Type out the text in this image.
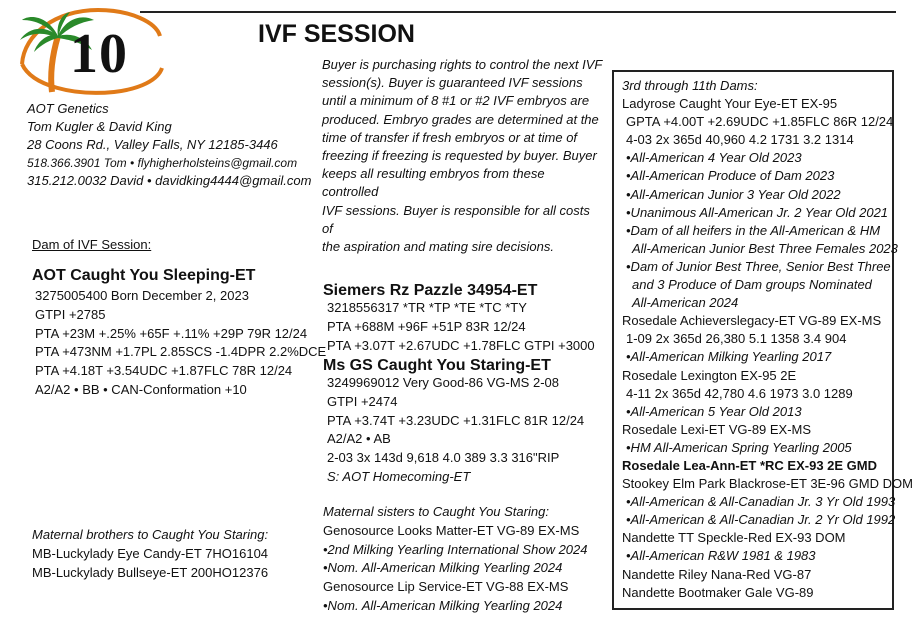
10	IVF SESSION
AOT Genetics
Tom Kugler & David King
28 Coons Rd., Valley Falls, NY 12185-3446
518.366.3901 Tom • flyhigherholsteins@gmail.com
315.212.0032 David • davidking4444@gmail.com
Buyer is purchasing rights to control the next IVF
session(s). Buyer is guaranteed IVF sessions
until a minimum of 8 #1 or #2 IVF embryos are
produced. Embryo grades are determined at the
time of transfer if fresh embryos or at time of
freezing if freezing is requested by buyer. Buyer
keeps all resulting embryos from these controlled
IVF sessions. Buyer is responsible for all costs of
the aspiration and mating sire decisions.
Dam of IVF Session:
AOT Caught You Sleeping-ET
3275005400 Born December 2, 2023
GTPI +2785
PTA +23M +.25% +65F +.11% +29P 79R 12/24
PTA +473NM +1.7PL 2.85SCS -1.4DPR 2.2%DCE
PTA +4.18T +3.54UDC +1.87FLC 78R 12/24
A2/A2 • BB • CAN-Conformation +10
Siemers Rz Pazzle 34954-ET
3218556317 *TR *TP *TE *TC *TY
PTA +688M +96F +51P 83R 12/24
PTA +3.07T +2.67UDC +1.78FLC GTPI +3000
Ms GS Caught You Staring-ET
3249969012 Very Good-86 VG-MS 2-08
GTPI +2474
PTA +3.74T +3.23UDC +1.31FLC 81R 12/24
A2/A2 • AB
2-03 3x 143d 9,618 4.0 389 3.3 316"RIP
S: AOT Homecoming-ET
Maternal sisters to Caught You Staring:
Genosource Looks Matter-ET VG-89 EX-MS
•2nd Milking Yearling International Show 2024
•Nom. All-American Milking Yearling 2024
Genosource Lip Service-ET VG-88 EX-MS
•Nom. All-American Milking Yearling 2024
Maternal brothers to Caught You Staring:
MB-Luckylady Eye Candy-ET 7HO16104
MB-Luckylady Bullseye-ET 200HO12376
3rd through 11th Dams:
Ladyrose Caught Your Eye-ET EX-95
GPTA +4.00T +2.69UDC +1.85FLC 86R 12/24
4-03 2x 365d 40,960 4.2 1731 3.2 1314
•All-American 4 Year Old 2023
•All-American Produce of Dam 2023
•All-American Junior 3 Year Old 2022
•Unanimous All-American Jr. 2 Year Old 2021
•Dam of all heifers in the All-American & HM
All-American Junior Best Three Females 2023
•Dam of Junior Best Three, Senior Best Three
and 3 Produce of Dam groups Nominated
All-American 2024
Rosedale Achieverslegacy-ET VG-89 EX-MS
1-09 2x 365d 26,380 5.1 1358 3.4 904
•All-American Milking Yearling 2017
Rosedale Lexington EX-95 2E
4-11 2x 365d 42,780 4.6 1973 3.0 1289
•All-American 5 Year Old 2013
Rosedale Lexi-ET VG-89 EX-MS
•HM All-American Spring Yearling 2005
Rosedale Lea-Ann-ET *RC EX-93 2E GMD
Stookey Elm Park Blackrose-ET 3E-96 GMD DOM
•All-American & All-Canadian Jr. 3 Yr Old 1993
•All-American & All-Canadian Jr. 2 Yr Old 1992
Nandette TT Speckle-Red EX-93 DOM
•All-American R&W 1981 & 1983
Nandette Riley Nana-Red VG-87
Nandette Bootmaker Gale VG-89
